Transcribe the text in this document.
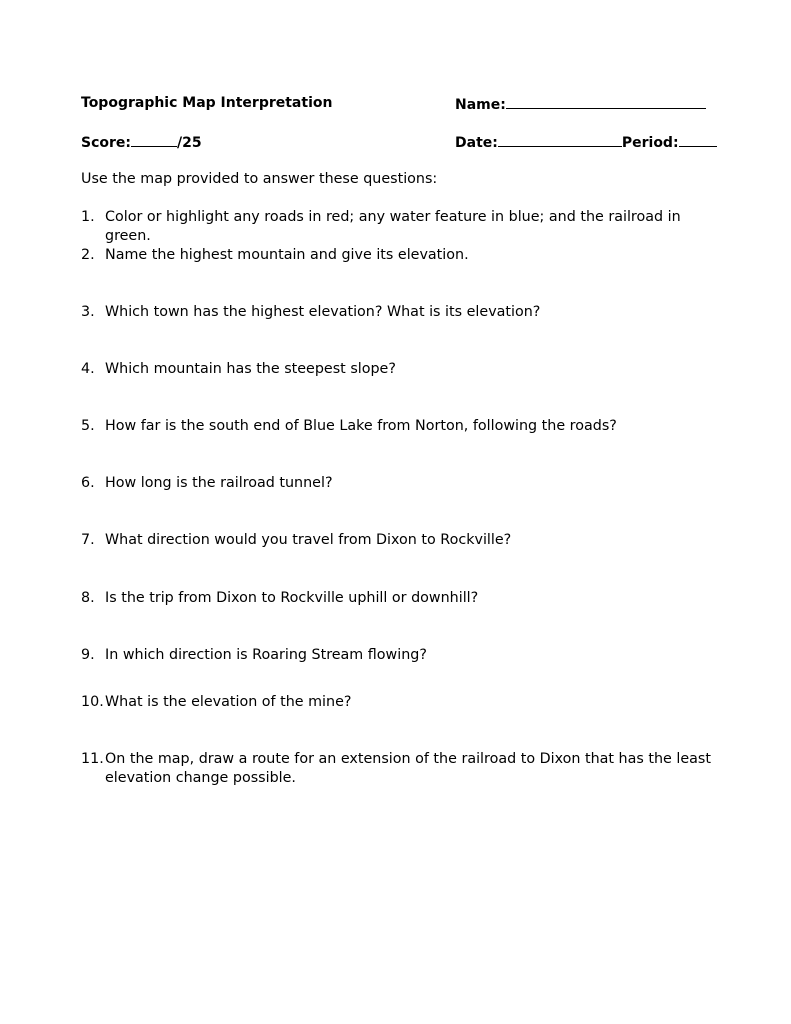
Topographic Map Interpretation	Name:
Score:	/25	Date:	Period:
Use the map provided to answer these questions:
1. Color or highlight any roads in red; any water feature in blue; and the railroad in green.
2. Name the highest mountain and give its elevation.
3. Which town has the highest elevation? What is its elevation?
4. Which mountain has the steepest slope?
5. How far is the south end of Blue Lake from Norton, following the roads?
6. How long is the railroad tunnel?
7. What direction would you travel from Dixon to Rockville?
8. Is the trip from Dixon to Rockville uphill or downhill?
9. In which direction is Roaring Stream flowing?
10. What is the elevation of the mine?
11. On the map, draw a route for an extension of the railroad to Dixon that has the least elevation change possible.
